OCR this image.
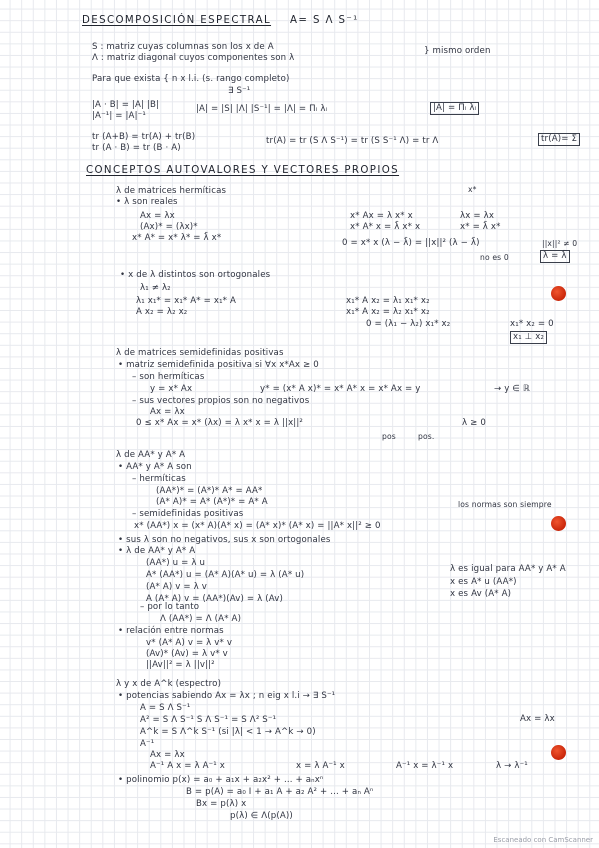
DESCOMPOSICIÓN ESPECTRAL A= S Λ S⁻¹
S : matriz cuyas columnas son los x de A
Λ : matriz diagonal cuyos componentes son λ
} mismo orden
Para que exista { n x l.i. (s. rango completo)
∃ S⁻¹
|A · B| = |A| |B|
|A⁻¹| = |A|⁻¹
|A| = |S| |Λ| |S⁻¹| = |Λ| = Πᵢ λᵢ	|A| = Πᵢ λᵢ
tr (A+B) = tr(A) + tr(B)
tr (A · B) = tr (B · A)
tr(A) = tr (S Λ S⁻¹) = tr (S S⁻¹ Λ) = tr Λ	tr(A)= Σ
CONCEPTOS AUTOVALORES Y VECTORES PROPIOS
λ de matrices hermíticas
• λ son reales
x*
Ax = λx
(Ax)* = (λx)*
x* A* = x* λ* = λ̄ x*
x* Ax = λ x* x
x* A* x = λ̄ x* x
λx = λx
x* = λ̄ x*
0 = x* x (λ − λ̄) = ||x||² (λ − λ̄)	||x||² ≠ 0
no es 0	λ = λ̄
• x de λ distintos son ortogonales
λ₁ ≠ λ₂
λ₁ x₁* = x₁* A* = x₁* A
A x₂ = λ₂ x₂
x₁* A x₂ = λ₁ x₁* x₂
x₁* A x₂ = λ₂ x₁* x₂
0 = (λ₁ − λ₂) x₁* x₂	x₁* x₂ = 0
x₁ ⊥ x₂
λ de matrices semidefinidas positivas
• matriz semidefinida positiva si ∀x x*Ax ≥ 0
– son hermíticas
y = x* Ax	y* = (x* A x)* = x* A* x = x* Ax = y	→ y ∈ ℝ
– sus vectores propios son no negativos
Ax = λx
0 ≤ x* Ax = x* (λx) = λ x* x = λ ||x||²	λ ≥ 0
pos	pos.
λ de AA* y A* A
• AA* y A* A son
– hermíticas
(AA*)* = (A*)* A* = AA*
(A* A)* = A* (A*)* = A* A
– semidefinidas positivas
x* (AA*) x = (x* A)(A* x) = (A* x)* (A* x) = ||A* x||² ≥ 0
los normas son siempre
• sus λ son no negativos, sus x son ortogonales
• λ de AA* y A* A
(AA*) u = λ u
A* (AA*) u = (A* A)(A* u) = λ (A* u)
(A* A) v = λ v
A (A* A) v = (AA*)(Av) = λ (Av)
λ es igual para AA* y A* A
x es A* u (AA*)
x es Av (A* A)
– por lo tanto
Λ (AA*) = Λ (A* A)
• relación entre normas
v* (A* A) v = λ v* v
(Av)* (Av) = λ v* v
||Av||² = λ ||v||²
λ y x de A^k (espectro)
• potencias sabiendo Ax = λx ; n eig x l.i → ∃ S⁻¹
A = S Λ S⁻¹
A² = S Λ S⁻¹ S Λ S⁻¹ = S Λ² S⁻¹
A^k = S Λ^k S⁻¹ (si |λ| < 1 → A^k → 0)
A⁻¹
Ax = λx
A⁻¹ A x = λ A⁻¹ x	x = λ A⁻¹ x	A⁻¹ x = λ⁻¹ x	λ → λ⁻¹
Ax = λx
• polinomio p(x) = a₀ + a₁x + a₂x² + ... + aₙxⁿ
B = p(A) = a₀ I + a₁ A + a₂ A² + ... + aₙ Aⁿ
Bx = p(λ) x
p(λ) ∈ Λ(p(A))
Escaneado con CamScanner
